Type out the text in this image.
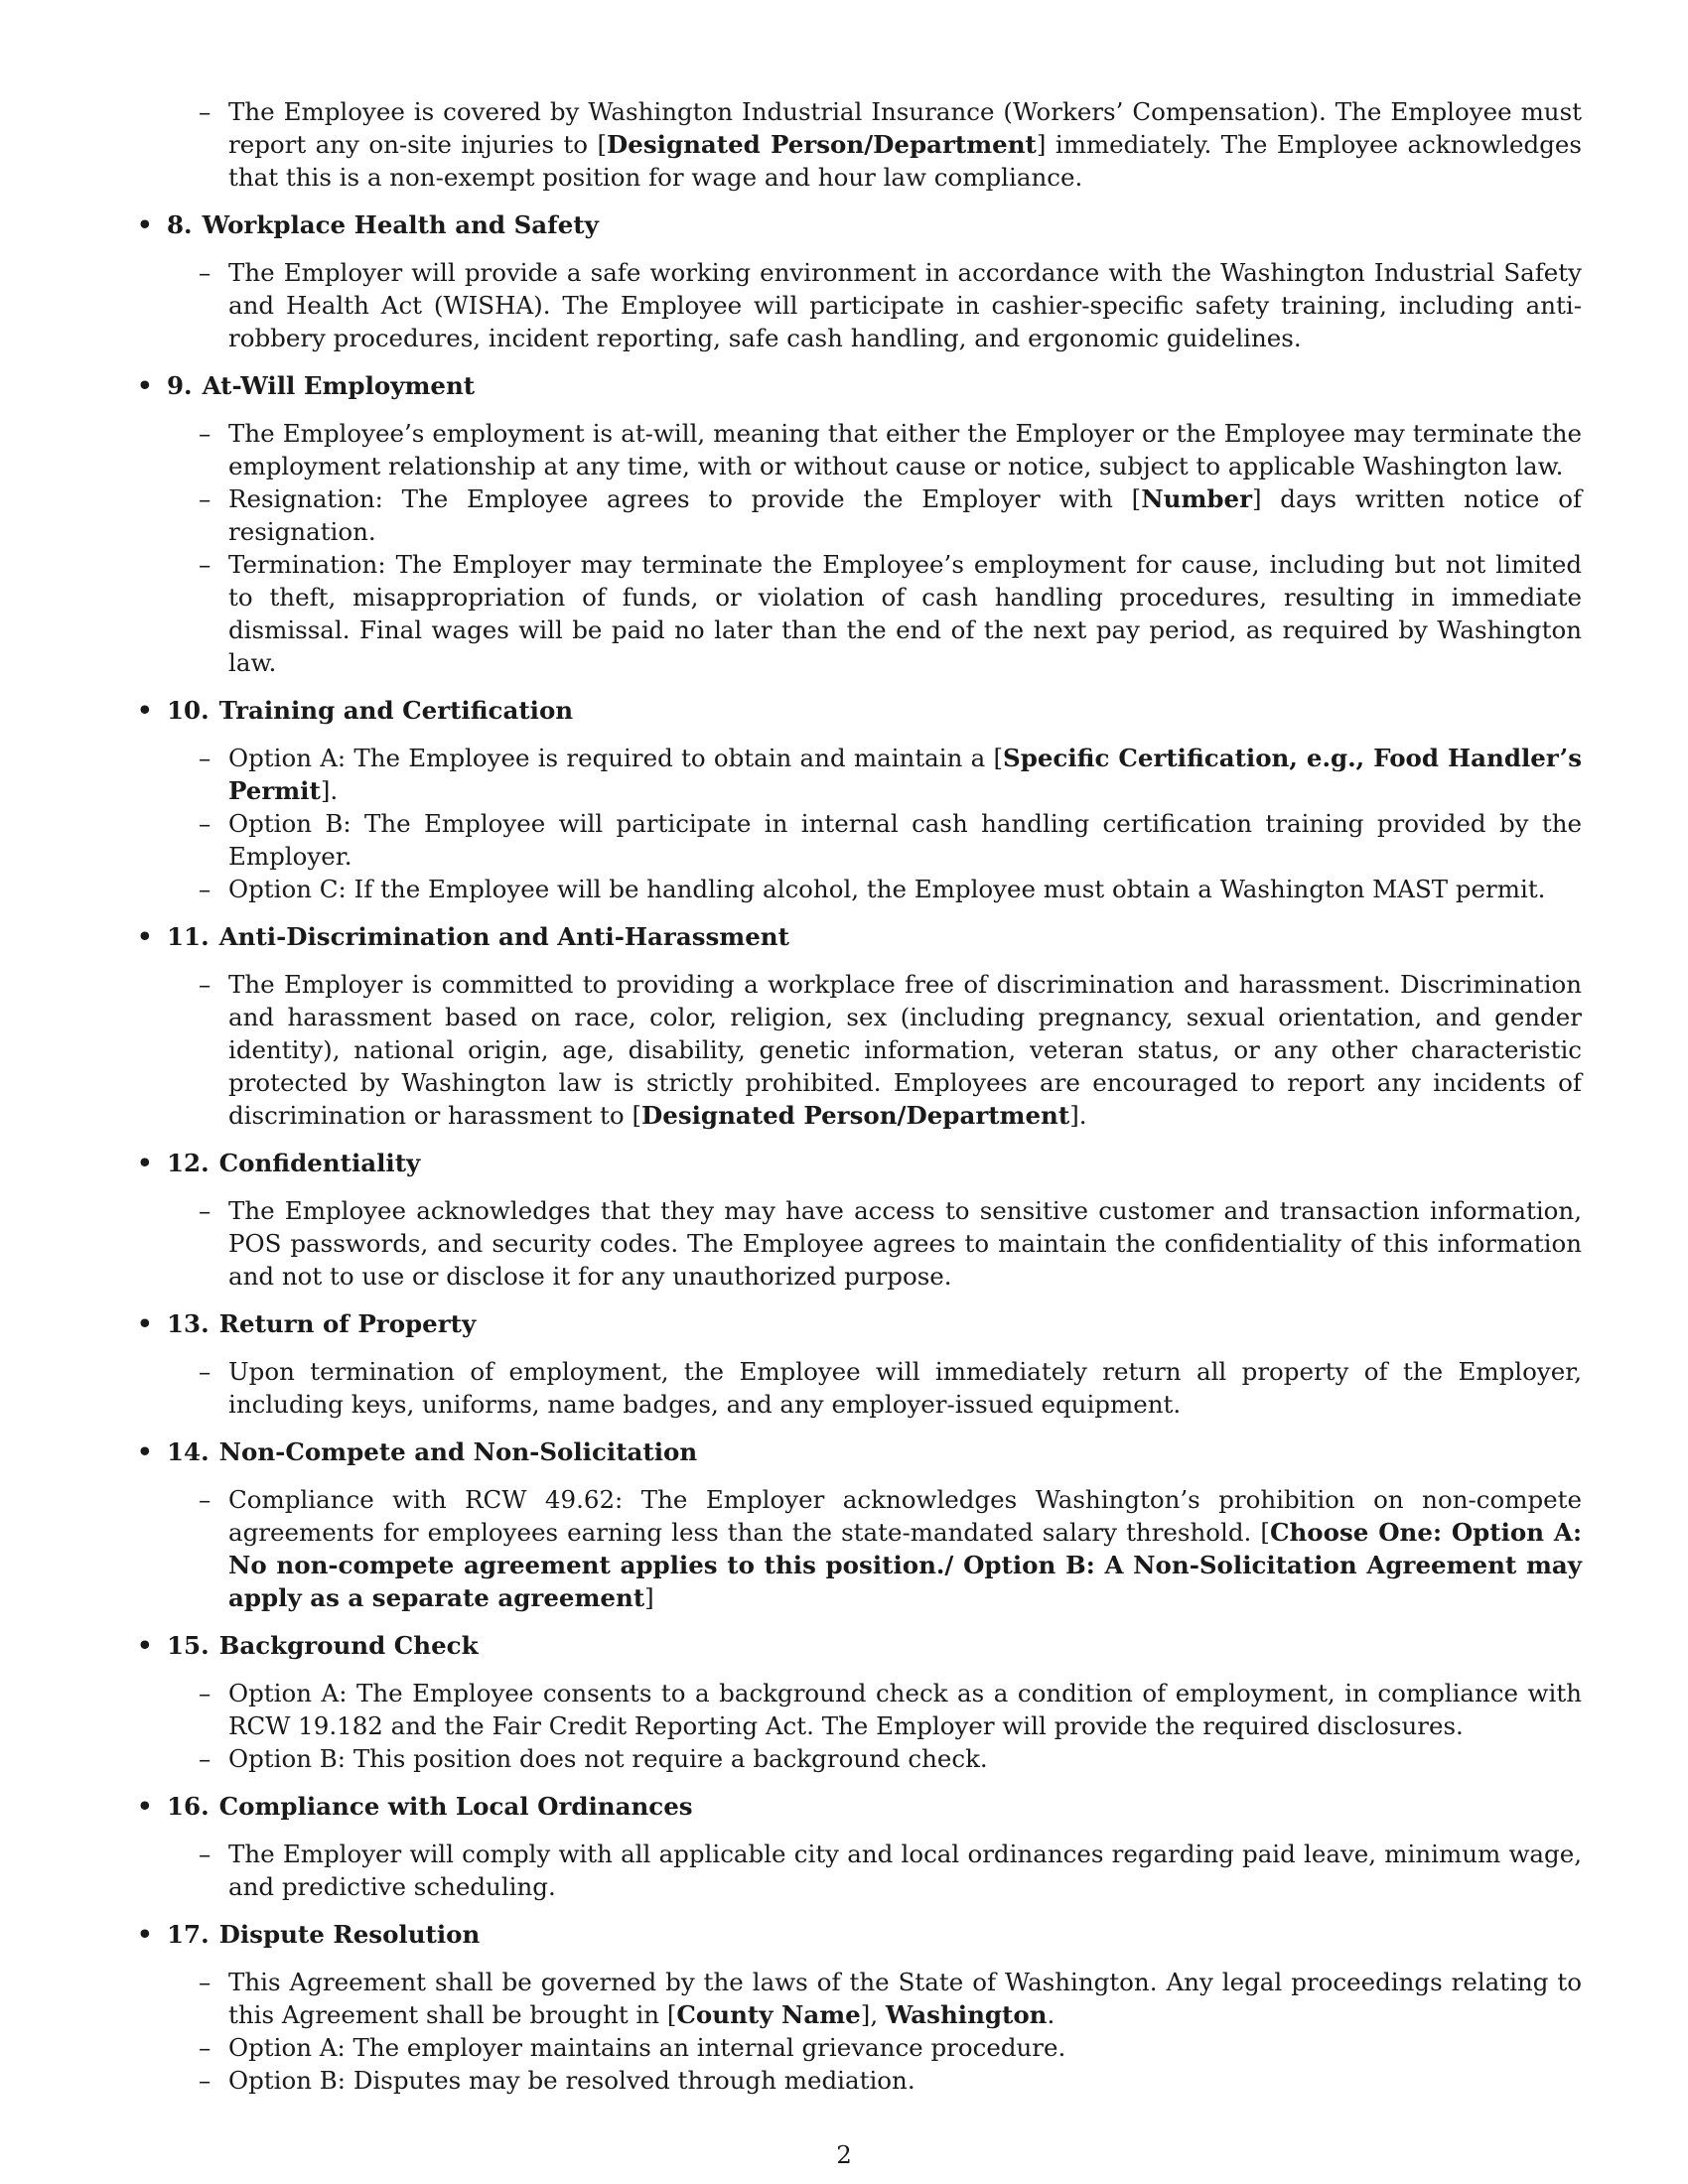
– The Employee is covered by Washington Industrial Insurance (Workers’ Compensation). The Employee must report any on-site injuries to [Designated Person/Department] immediately. The Employee acknowledges that this is a non-exempt position for wage and hour law compliance.
• 8. Workplace Health and Safety
– The Employer will provide a safe working environment in accordance with the Washington Industrial Safety and Health Act (WISHA). The Employee will participate in cashier-specific safety training, including anti-robbery procedures, incident reporting, safe cash handling, and ergonomic guidelines.
• 9. At-Will Employment
– The Employee’s employment is at-will, meaning that either the Employer or the Employee may terminate the employment relationship at any time, with or without cause or notice, subject to applicable Washington law.
– Resignation: The Employee agrees to provide the Employer with [Number] days written notice of resignation.
– Termination: The Employer may terminate the Employee’s employment for cause, including but not limited to theft, misappropriation of funds, or violation of cash handling procedures, resulting in immediate dismissal. Final wages will be paid no later than the end of the next pay period, as required by Washington law.
• 10. Training and Certification
– Option A: The Employee is required to obtain and maintain a [Specific Certification, e.g., Food Handler’s Permit].
– Option B: The Employee will participate in internal cash handling certification training provided by the Employer.
– Option C: If the Employee will be handling alcohol, the Employee must obtain a Washington MAST permit.
• 11. Anti-Discrimination and Anti-Harassment
– The Employer is committed to providing a workplace free of discrimination and harassment. Discrimination and harassment based on race, color, religion, sex (including pregnancy, sexual orientation, and gender identity), national origin, age, disability, genetic information, veteran status, or any other characteristic protected by Washington law is strictly prohibited. Employees are encouraged to report any incidents of discrimination or harassment to [Designated Person/Department].
• 12. Confidentiality
– The Employee acknowledges that they may have access to sensitive customer and transaction information, POS passwords, and security codes. The Employee agrees to maintain the confidentiality of this information and not to use or disclose it for any unauthorized purpose.
• 13. Return of Property
– Upon termination of employment, the Employee will immediately return all property of the Employer, including keys, uniforms, name badges, and any employer-issued equipment.
• 14. Non-Compete and Non-Solicitation
– Compliance with RCW 49.62: The Employer acknowledges Washington’s prohibition on non-compete agreements for employees earning less than the state-mandated salary threshold. [Choose One: Option A: No non-compete agreement applies to this position./ Option B: A Non-Solicitation Agreement may apply as a separate agreement]
• 15. Background Check
– Option A: The Employee consents to a background check as a condition of employment, in compliance with RCW 19.182 and the Fair Credit Reporting Act. The Employer will provide the required disclosures.
– Option B: This position does not require a background check.
• 16. Compliance with Local Ordinances
– The Employer will comply with all applicable city and local ordinances regarding paid leave, minimum wage, and predictive scheduling.
• 17. Dispute Resolution
– This Agreement shall be governed by the laws of the State of Washington. Any legal proceedings relating to this Agreement shall be brought in [County Name], Washington.
– Option A: The employer maintains an internal grievance procedure.
– Option B: Disputes may be resolved through mediation.
2
